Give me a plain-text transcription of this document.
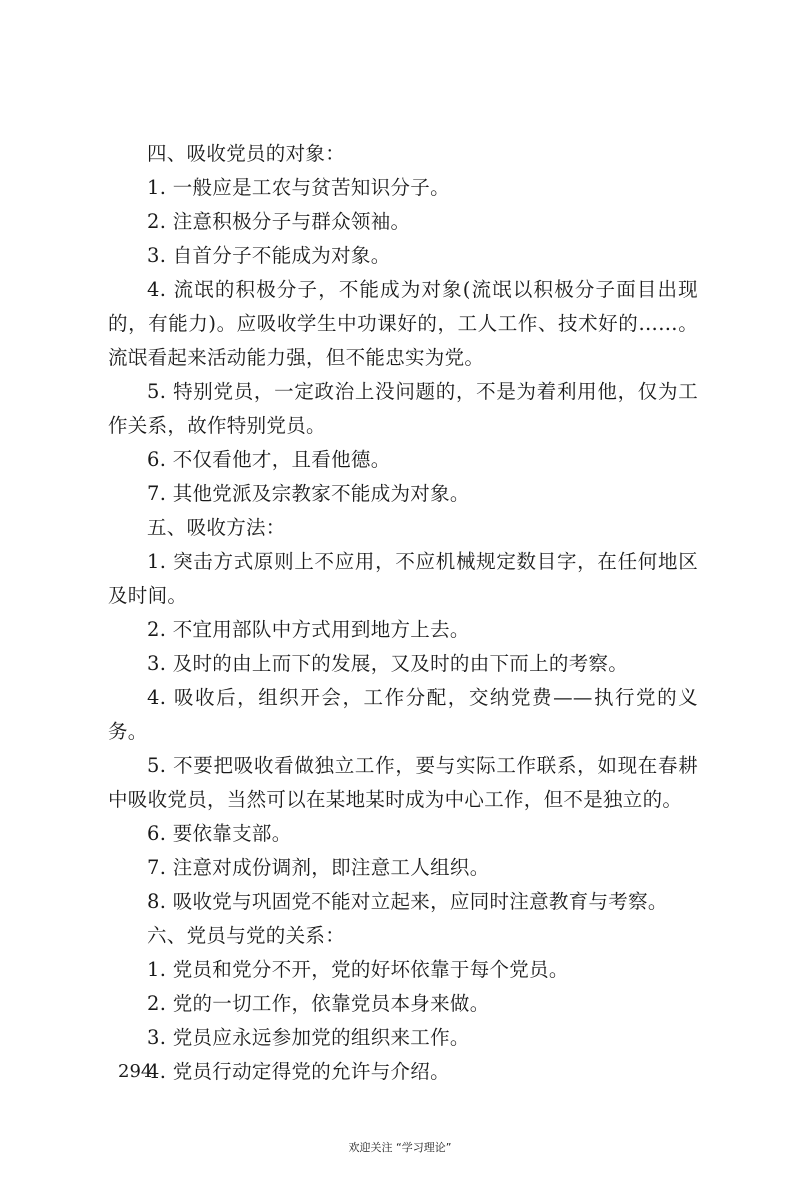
四、吸收党员的对象：

1. 一般应是工农与贫苦知识分子。

2. 注意积极分子与群众领袖。

3. 自首分子不能成为对象。

4. 流氓的积极分子，不能成为对象(流氓以积极分子面目出现的，有能力)。应吸收学生中功课好的，工人工作、技术好的……。流氓看起来活动能力强，但不能忠实为党。

5. 特别党员，一定政治上没问题的，不是为着利用他，仅为工作关系，故作特别党员。

6. 不仅看他才，且看他德。

7. 其他党派及宗教家不能成为对象。

五、吸收方法：

1. 突击方式原则上不应用，不应机械规定数目字，在任何地区及时间。

2. 不宜用部队中方式用到地方上去。

3. 及时的由上而下的发展，又及时的由下而上的考察。

4. 吸收后，组织开会，工作分配，交纳党费——执行党的义务。

5. 不要把吸收看做独立工作，要与实际工作联系，如现在春耕中吸收党员，当然可以在某地某时成为中心工作，但不是独立的。

6. 要依靠支部。

7. 注意对成份调剂，即注意工人组织。

8. 吸收党与巩固党不能对立起来，应同时注意教育与考察。

六、党员与党的关系：

1. 党员和党分不开，党的好坏依靠于每个党员。

2. 党的一切工作，依靠党员本身来做。

3. 党员应永远参加党的组织来工作。

4. 党员行动定得党的允许与介绍。

294
欢迎关注 “学习理论”
